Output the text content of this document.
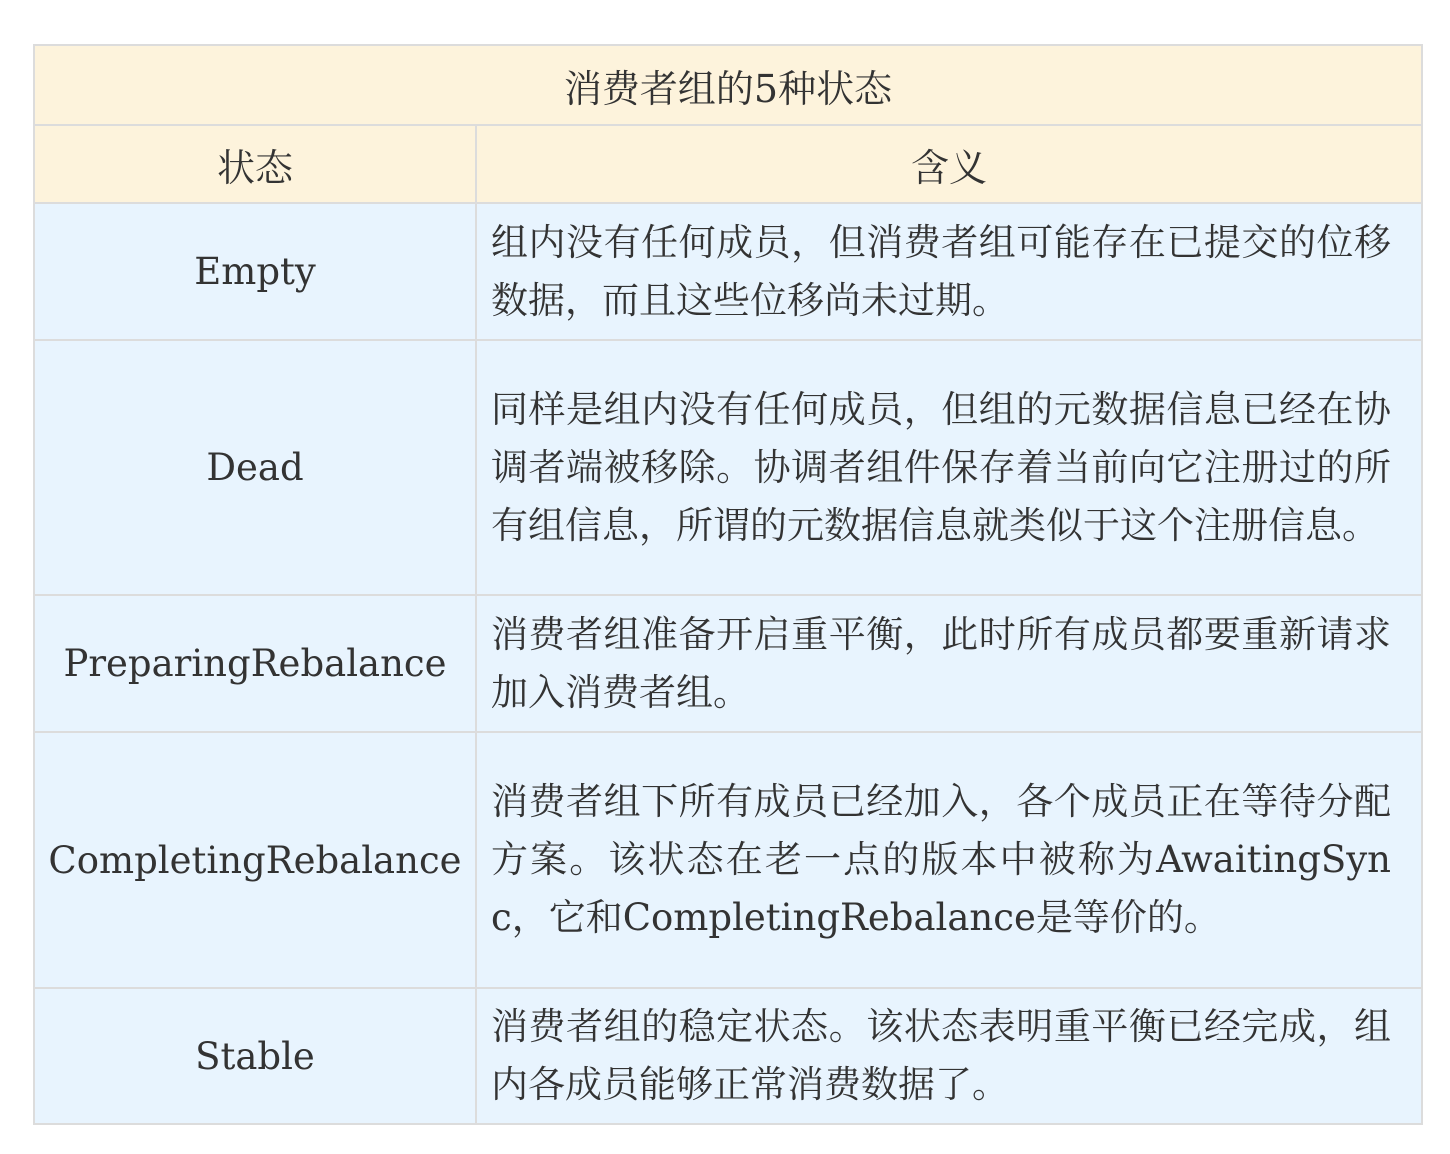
消费者组的5种状态	
状态	含义
Empty	组内没有任何成员，但消费者组可能存在已提交的位移数据，而且这些位移尚未过期。
Dead	同样是组内没有任何成员，但组的元数据信息已经在协调者端被移除。协调者组件保存着当前向它注册过的所有组信息，所谓的元数据信息就类似于这个注册信息。
PreparingRebalance	消费者组准备开启重平衡，此时所有成员都要重新请求加入消费者组。
CompletingRebalance	消费者组下所有成员已经加入，各个成员正在等待分配方案。该状态在老一点的版本中被称为AwaitingSync，它和CompletingRebalance是等价的。
Stable	消费者组的稳定状态。该状态表明重平衡已经完成，组内各成员能够正常消费数据了。
